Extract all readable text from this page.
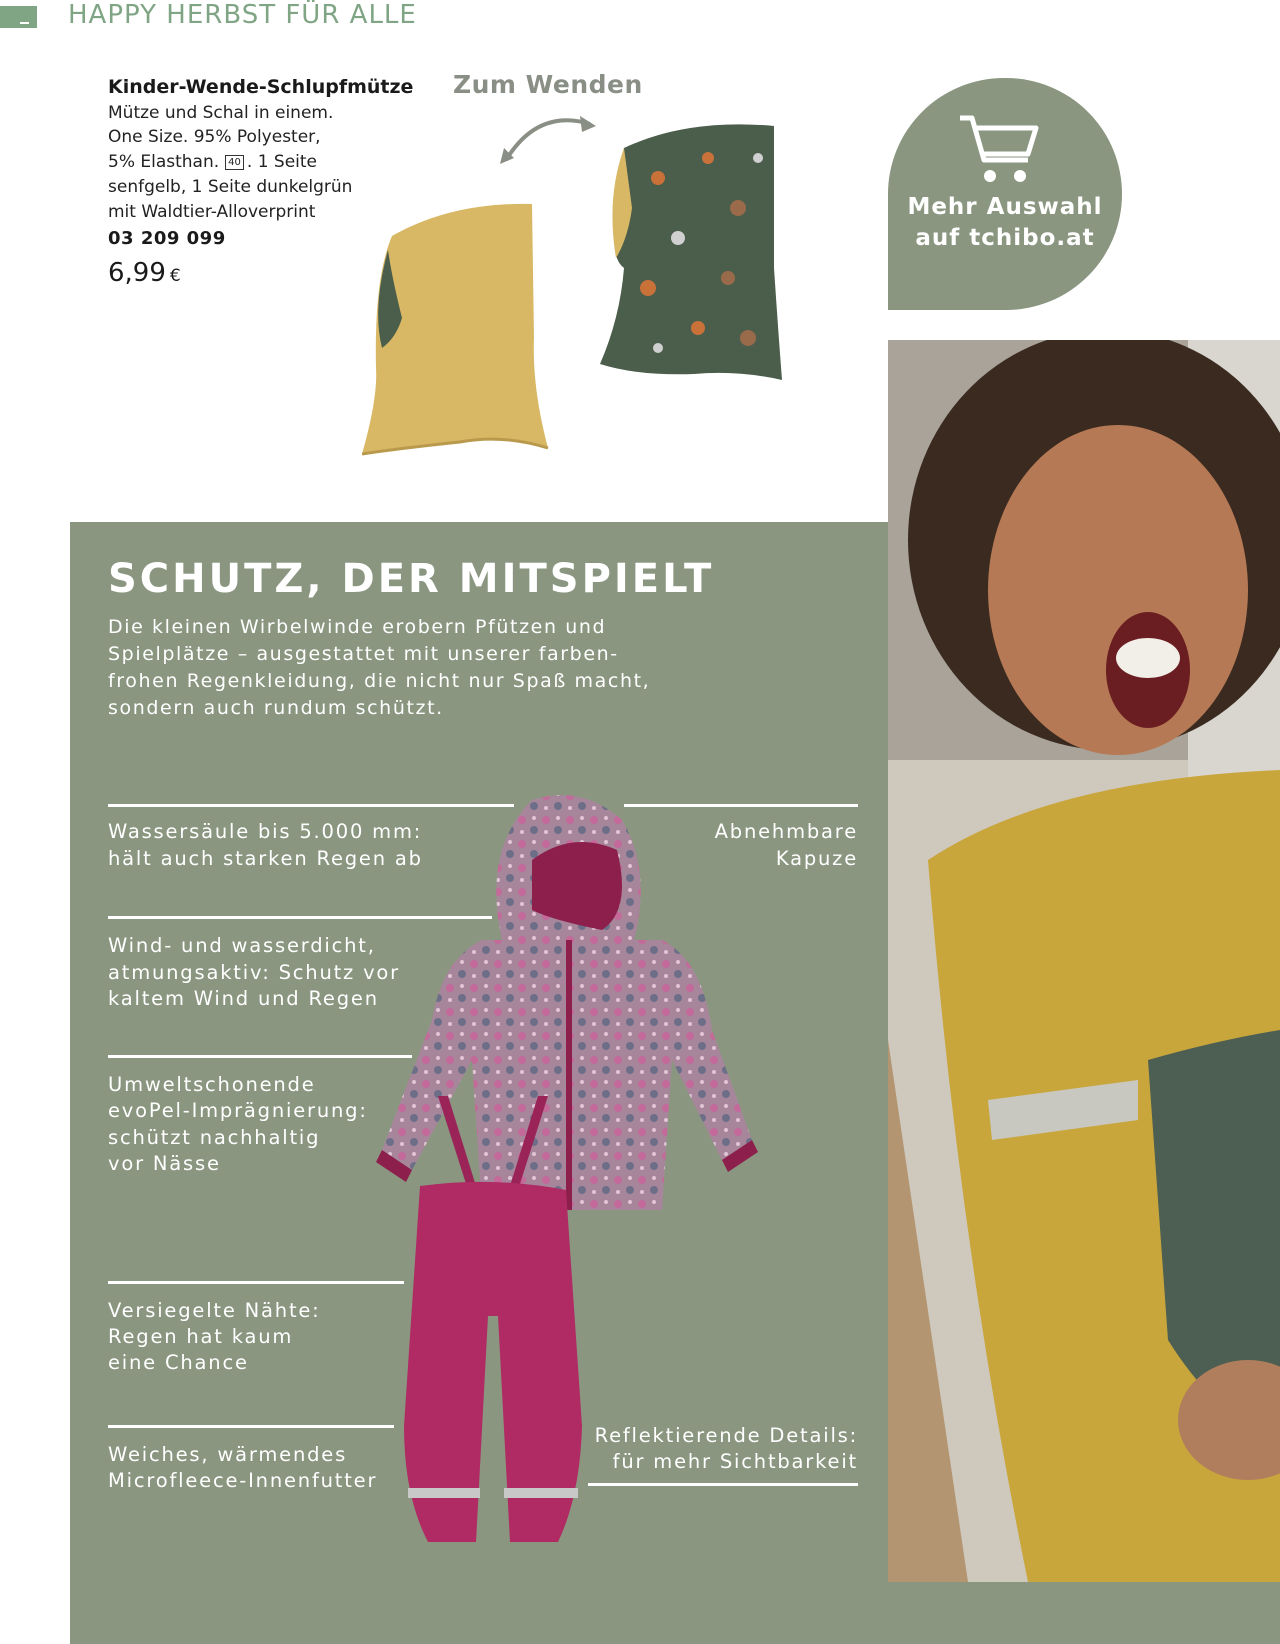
HAPPY HERBST FÜR ALLE
Kinder-Wende-Schlupfmütze
Mütze und Schal in einem.
One Size. 95% Polyester,
5% Elasthan. 40 . 1 Seite
senfgelb, 1 Seite dunkelgrün
mit Waldtier-Alloverprint
03 209 099
6,99 €
Zum Wenden
Mehr Auswahl
auf tchibo.at
SCHUTZ, DER MITSPIELT
Die kleinen Wirbelwinde erobern Pfützen und
Spielplätze – ausgestattet mit unserer farben-
frohen Regenkleidung, die nicht nur Spaß macht,
sondern auch rundum schützt.
Wassersäule bis 5.000 mm:
hält auch starken Regen ab
Wind- und wasserdicht,
atmungsaktiv: Schutz vor
kaltem Wind und Regen
Umweltschonende
evoPel-Imprägnierung:
schützt nachhaltig
vor Nässe
Versiegelte Nähte:
Regen hat kaum
eine Chance
Weiches, wärmendes
Microfleece-Innenfutter
Abnehmbare
Kapuze
Reflektierende Details:
für mehr Sichtbarkeit
